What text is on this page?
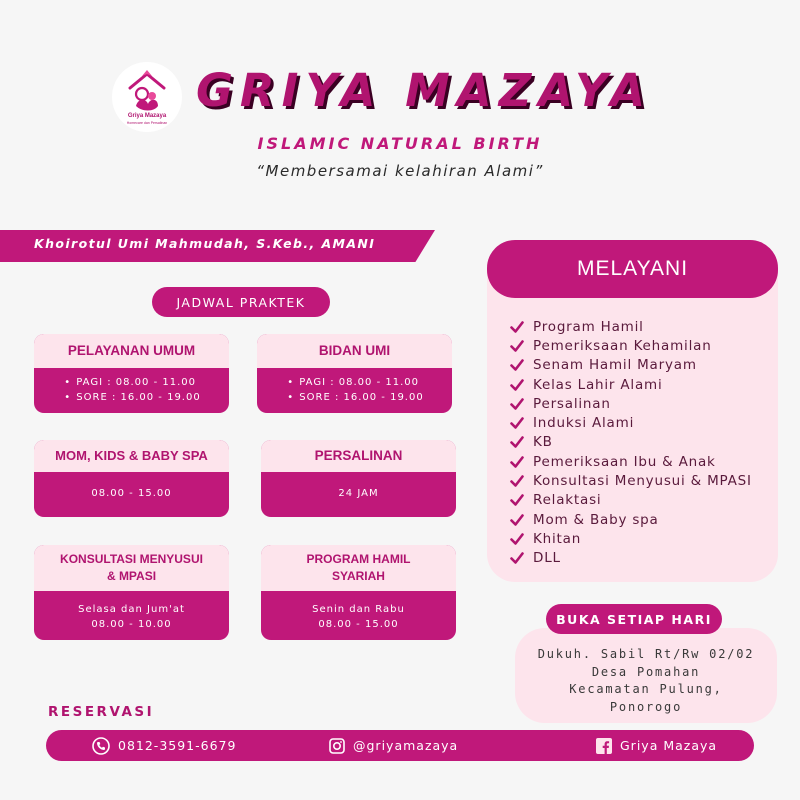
Griya Mazaya
Homecare dan Persalinan
GRIYA MAZAYA
ISLAMIC NATURAL BIRTH
“Membersamai kelahiran Alami”
Khoirotul Umi Mahmudah, S.Keb., AMANI
JADWAL PRAKTEK
PELAYANAN UMUM
• PAGI : 08.00 - 11.00
• SORE : 16.00 - 19.00
BIDAN UMI
• PAGI : 08.00 - 11.00
• SORE : 16.00 - 19.00
MOM, KIDS & BABY SPA
08.00 - 15.00
PERSALINAN
24 JAM
KONSULTASI MENYUSUI
& MPASI
Selasa dan Jum'at
08.00 - 10.00
PROGRAM HAMIL
SYARIAH
Senin dan Rabu
08.00 - 15.00
MELAYANI
Program Hamil
Pemeriksaan Kehamilan
Senam Hamil Maryam
Kelas Lahir Alami
Persalinan
Induksi Alami
KB
Pemeriksaan Ibu & Anak
Konsultasi Menyusui & MPASI
Relaktasi
Mom & Baby spa
Khitan
DLL
BUKA SETIAP HARI
Dukuh. Sabil Rt/Rw 02/02
Desa Pomahan
Kecamatan Pulung,
Ponorogo
RESERVASI
0812-3591-6679	@griyamazaya	Griya Mazaya
